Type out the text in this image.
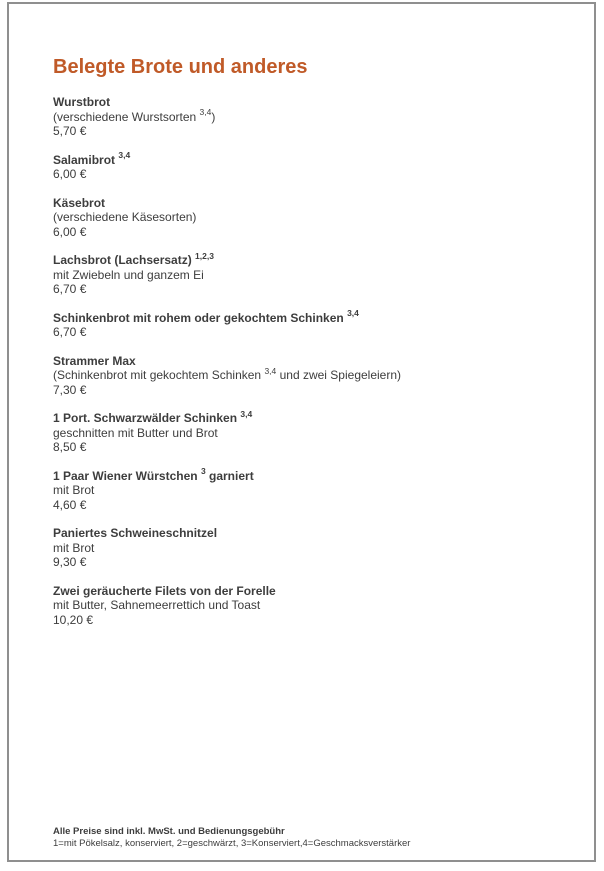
Belegte Brote und anderes
Wurstbrot
(verschiedene Wurstsorten $^{3,4}$)
5,70 €
Salamibrot $^{3,4}$
6,00 €
Käsebrot
(verschiedene Käsesorten)
6,00 €
Lachsbrot (Lachsersatz) $^{1,2,3}$
mit Zwiebeln und ganzem Ei
6,70 €
Schinkenbrot mit rohem oder gekochtem Schinken $^{3,4}$
6,70 €
Strammer Max
(Schinkenbrot mit gekochtem Schinken $^{3,4}$ und zwei Spiegeleiern)
7,30 €
1 Port. Schwarzwälder Schinken $^{3,4}$
geschnitten mit Butter und Brot
8,50 €
1 Paar Wiener Würstchen $^3$ garniert
mit Brot
4,60 €
Paniertes Schweineschnitzel
mit Brot
9,30 €
Zwei geräucherte Filets von der Forelle
mit Butter, Sahnemeerrettich und Toast
10,20 €
Alle Preise sind inkl. MwSt. und Bedienungsgebühr
1=mit Pökelsalz, konserviert, 2=geschwärzt, 3=Konserviert,4=Geschmacksverstärker
